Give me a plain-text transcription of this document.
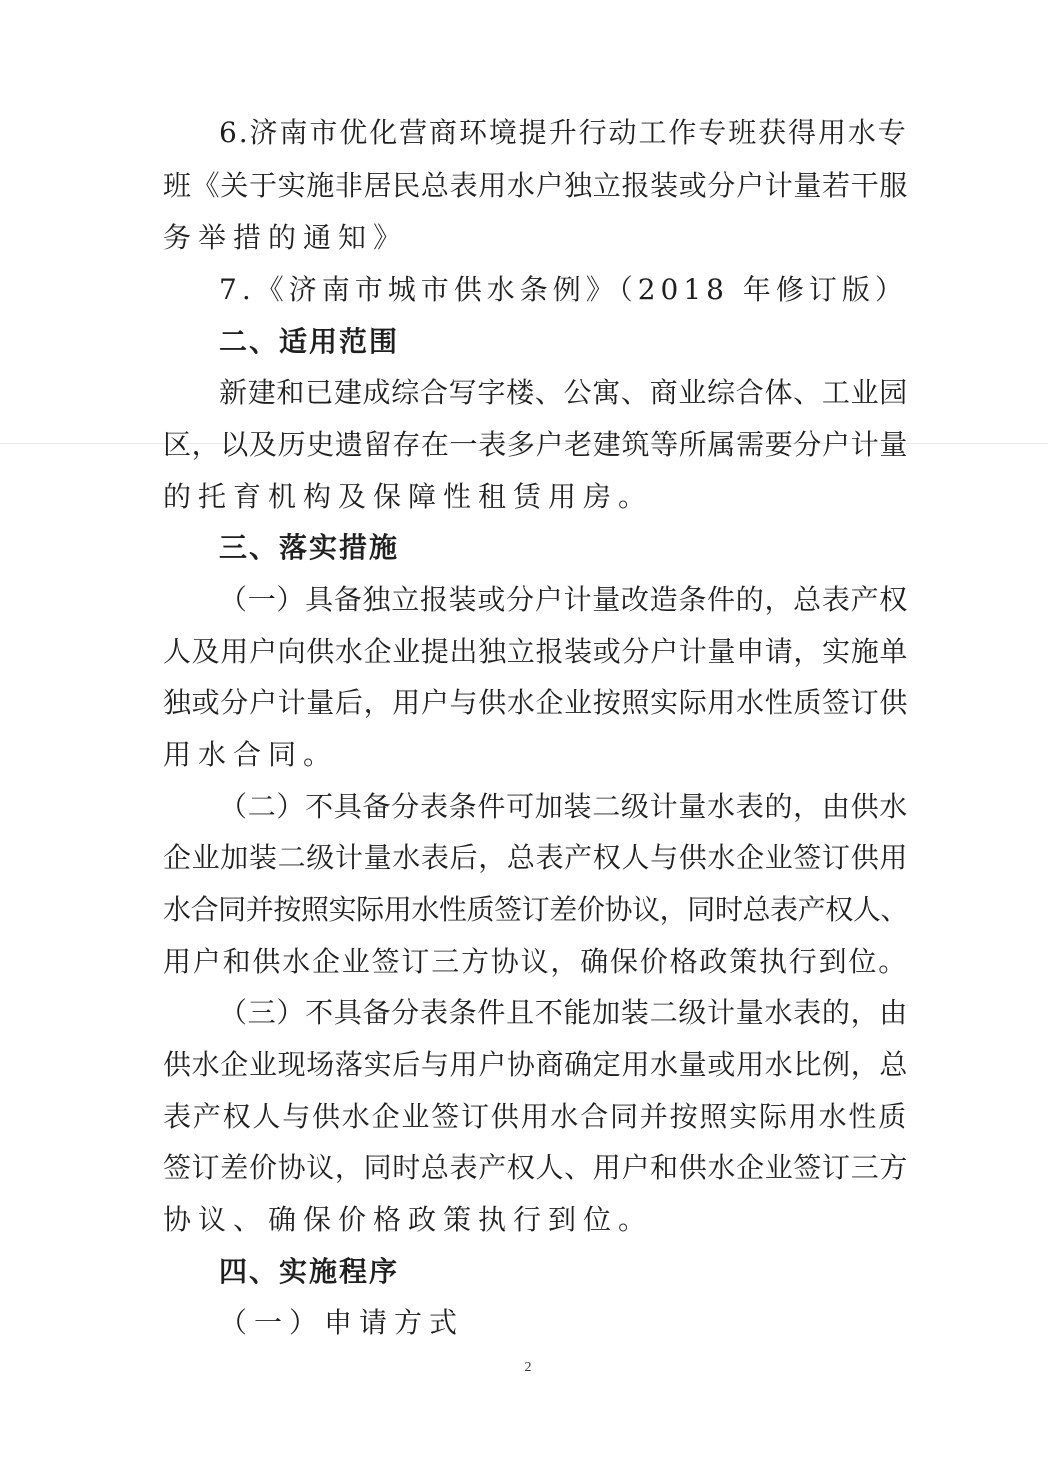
6.济南市优化营商环境提升行动工作专班获得用水专
班《关于实施非居民总表用水户独立报装或分户计量若干服
务举措的通知》
7.《济南市城市供水条例》（2018 年修订版）
二、适用范围
新建和已建成综合写字楼、公寓、商业综合体、工业园
区，以及历史遗留存在一表多户老建筑等所属需要分户计量
的托育机构及保障性租赁用房。
三、落实措施
（一）具备独立报装或分户计量改造条件的，总表产权
人及用户向供水企业提出独立报装或分户计量申请，实施单
独或分户计量后，用户与供水企业按照实际用水性质签订供
用水合同。
（二）不具备分表条件可加装二级计量水表的，由供水
企业加装二级计量水表后，总表产权人与供水企业签订供用
水合同并按照实际用水性质签订差价协议，同时总表产权人、
用户和供水企业签订三方协议，确保价格政策执行到位。
（三）不具备分表条件且不能加装二级计量水表的，由
供水企业现场落实后与用户协商确定用水量或用水比例，总
表产权人与供水企业签订供用水合同并按照实际用水性质
签订差价协议，同时总表产权人、用户和供水企业签订三方
协议、确保价格政策执行到位。
四、实施程序
（一）申请方式
2
